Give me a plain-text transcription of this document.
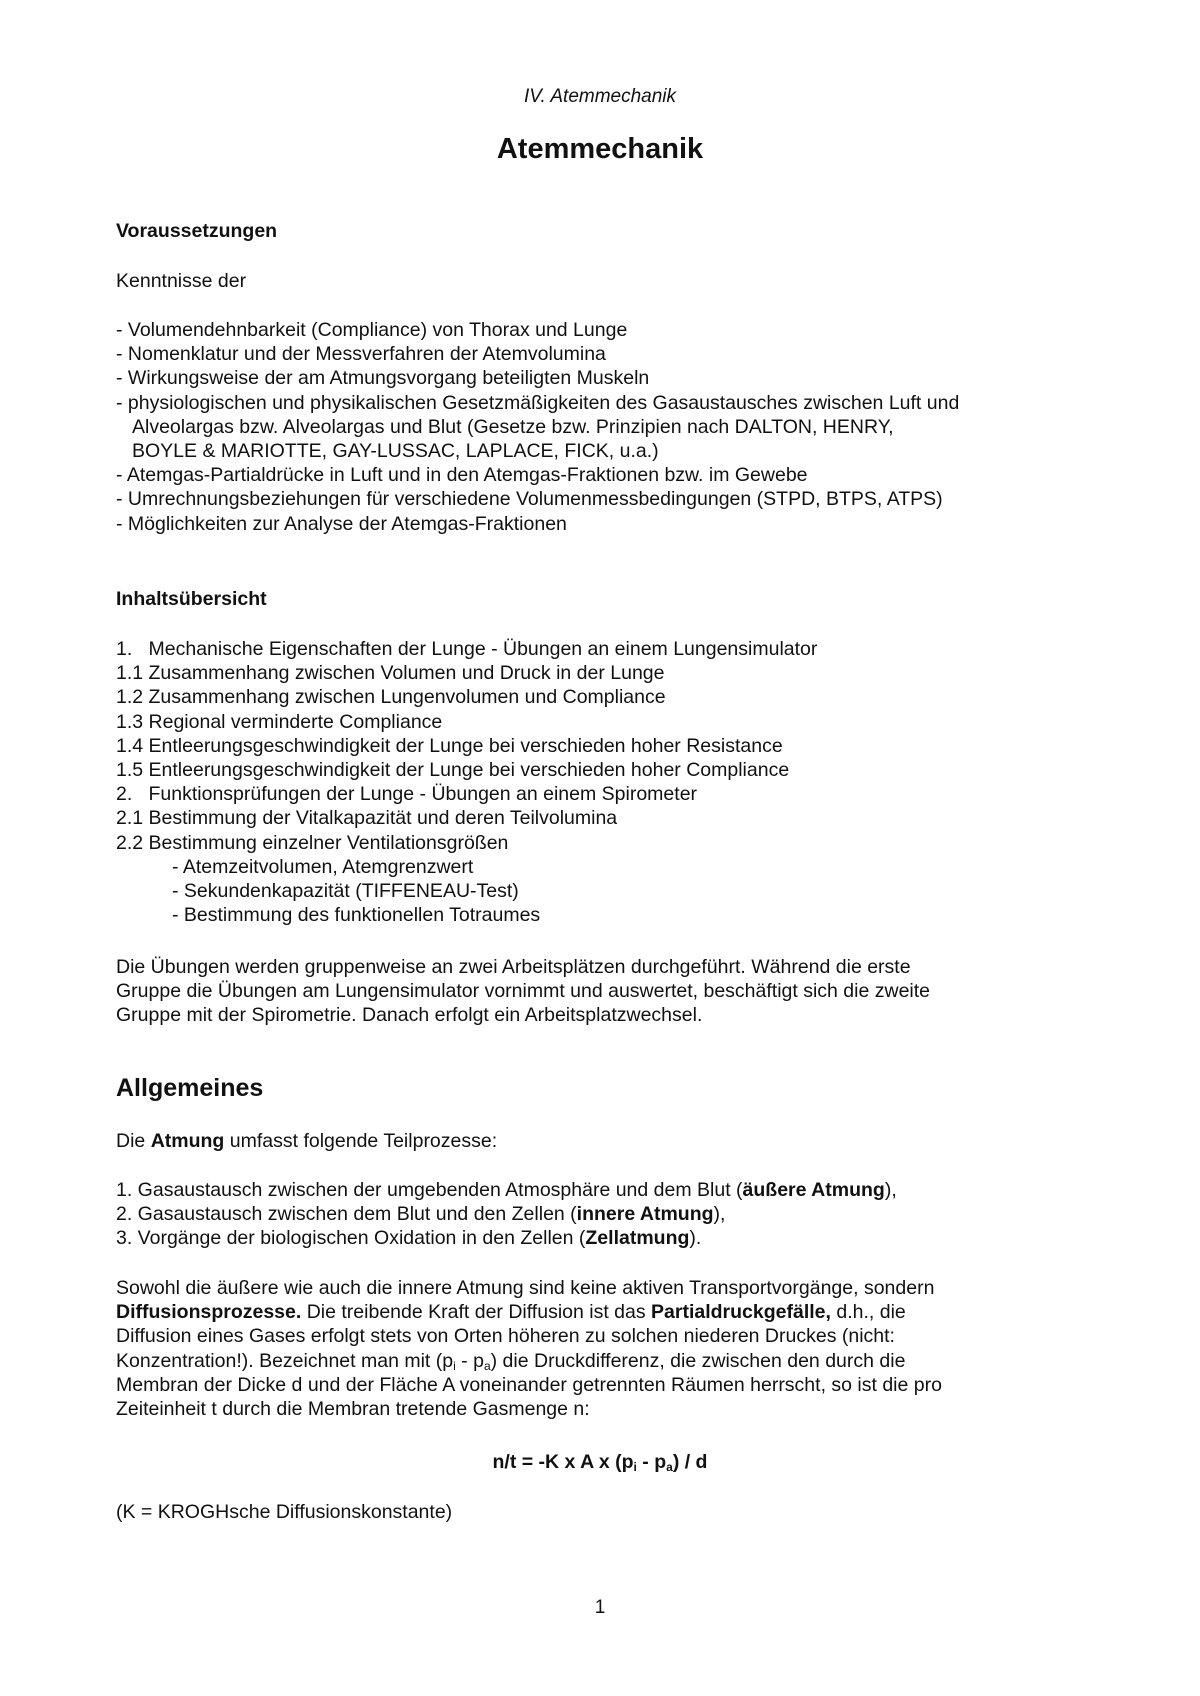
IV. Atemmechanik
Atemmechanik
Voraussetzungen
Kenntnisse der
- Volumendehnbarkeit (Compliance) von Thorax und Lunge
- Nomenklatur und der Messverfahren der Atemvolumina
- Wirkungsweise der am Atmungsvorgang beteiligten Muskeln
- physiologischen und physikalischen Gesetzmäßigkeiten des Gasaustausches zwischen Luft und
Alveolargas bzw. Alveolargas und Blut (Gesetze bzw. Prinzipien nach DALTON, HENRY,
BOYLE & MARIOTTE, GAY-LUSSAC, LAPLACE, FICK, u.a.)
- Atemgas-Partialdrücke in Luft und in den Atemgas-Fraktionen bzw. im Gewebe
- Umrechnungsbeziehungen für verschiedene Volumenmessbedingungen (STPD, BTPS, ATPS)
- Möglichkeiten zur Analyse der Atemgas-Fraktionen
Inhaltsübersicht
1.   Mechanische Eigenschaften der Lunge - Übungen an einem Lungensimulator
1.1 Zusammenhang zwischen Volumen und Druck in der Lunge
1.2 Zusammenhang zwischen Lungenvolumen und Compliance
1.3 Regional verminderte Compliance
1.4 Entleerungsgeschwindigkeit der Lunge bei verschieden hoher Resistance
1.5 Entleerungsgeschwindigkeit der Lunge bei verschieden hoher Compliance
2.   Funktionsprüfungen der Lunge - Übungen an einem Spirometer
2.1 Bestimmung der Vitalkapazität und deren Teilvolumina
2.2 Bestimmung einzelner Ventilationsgrößen
- Atemzeitvolumen, Atemgrenzwert
- Sekundenkapazität (TIFFENEAU-Test)
- Bestimmung des funktionellen Totraumes
Die Übungen werden gruppenweise an zwei Arbeitsplätzen durchgeführt. Während die erste
Gruppe die Übungen am Lungensimulator vornimmt und auswertet, beschäftigt sich die zweite
Gruppe mit der Spirometrie. Danach erfolgt ein Arbeitsplatzwechsel.
Allgemeines
Die Atmung umfasst folgende Teilprozesse:
1. Gasaustausch zwischen der umgebenden Atmosphäre und dem Blut (äußere Atmung),
2. Gasaustausch zwischen dem Blut und den Zellen (innere Atmung),
3. Vorgänge der biologischen Oxidation in den Zellen (Zellatmung).
Sowohl die äußere wie auch die innere Atmung sind keine aktiven Transportvorgänge, sondern
Diffusionsprozesse. Die treibende Kraft der Diffusion ist das Partialdruckgefälle, d.h., die
Diffusion eines Gases erfolgt stets von Orten höheren zu solchen niederen Druckes (nicht:
Konzentration!). Bezeichnet man mit $(p_i - p_a)$ die Druckdifferenz, die zwischen den durch die
Membran der Dicke d und der Fläche A voneinander getrennten Räumen herrscht, so ist die pro
Zeiteinheit t durch die Membran tretende Gasmenge n:
n/t = -K x A x $(p_i - p_a)$ / d
(K = KROGHsche Diffusionskonstante)
1
